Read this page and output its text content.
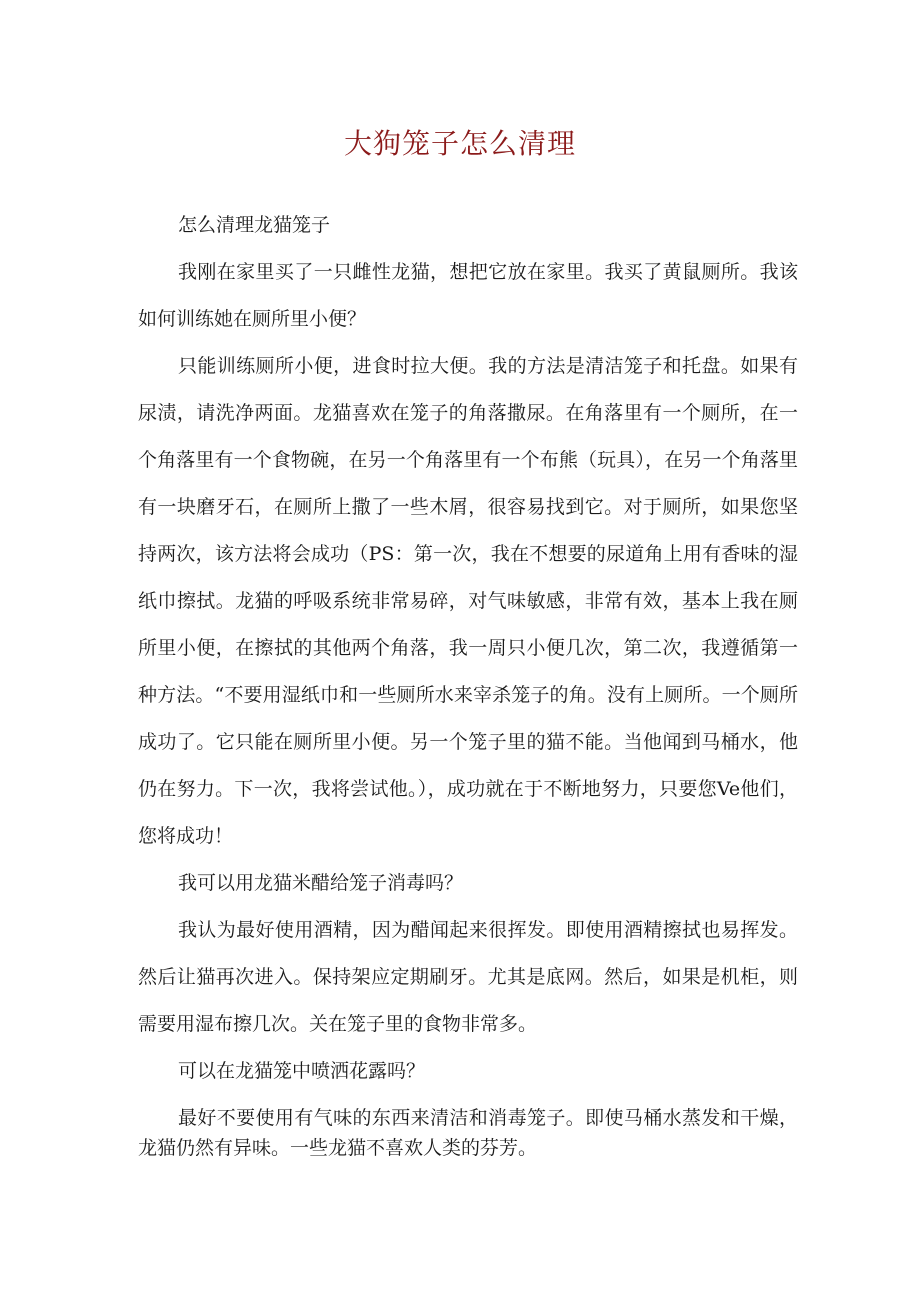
大狗笼子怎么清理

怎么清理龙猫笼子

我刚在家里买了一只雌性龙猫，想把它放在家里。我买了黄鼠厕所。我该如何训练她在厕所里小便？

只能训练厕所小便，进食时拉大便。我的方法是清洁笼子和托盘。如果有尿渍，请洗净两面。龙猫喜欢在笼子的角落撒尿。在角落里有一个厕所，在一个角落里有一个食物碗，在另一个角落里有一个布熊（玩具），在另一个角落里有一块磨牙石，在厕所上撒了一些木屑，很容易找到它。对于厕所，如果您坚持两次，该方法将会成功（PS：第一次，我在不想要的尿道角上用有香味的湿纸巾擦拭。龙猫的呼吸系统非常易碎，对气味敏感，非常有效，基本上我在厕所里小便，在擦拭的其他两个角落，我一周只小便几次，第二次，我遵循第一种方法。“不要用湿纸巾和一些厕所水来宰杀笼子的角。没有上厕所。一个厕所成功了。它只能在厕所里小便。另一个笼子里的猫不能。当他闻到马桶水，他仍在努力。下一次，我将尝试他。），成功就在于不断地努力，只要您Ve他们，您将成功！

我可以用龙猫米醋给笼子消毒吗？

我认为最好使用酒精，因为醋闻起来很挥发。即使用酒精擦拭也易挥发。然后让猫再次进入。保持架应定期刷牙。尤其是底网。然后，如果是机柜，则需要用湿布擦几次。关在笼子里的食物非常多。

可以在龙猫笼中喷洒花露吗？

最好不要使用有气味的东西来清洁和消毒笼子。即使马桶水蒸发和干燥，龙猫仍然有异味。一些龙猫不喜欢人类的芬芳。
